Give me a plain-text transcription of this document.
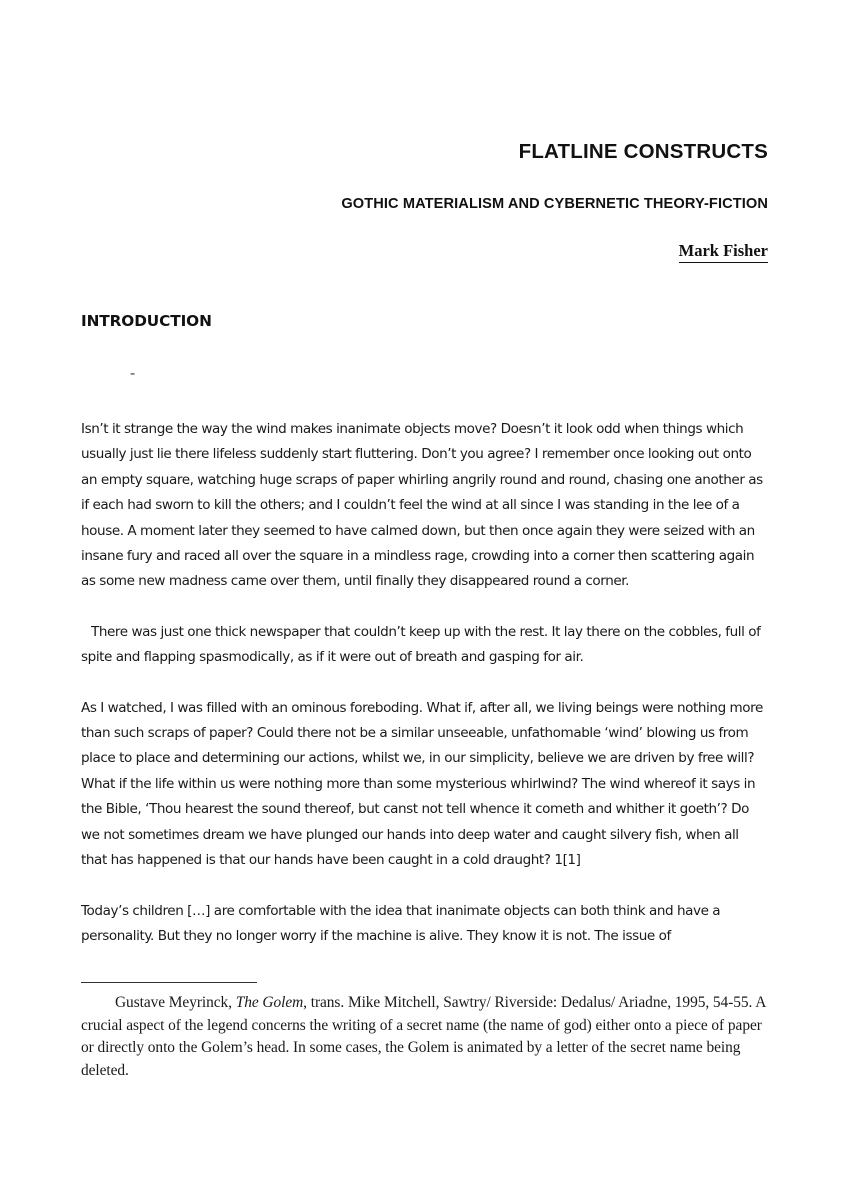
FLATLINE CONSTRUCTS
GOTHIC MATERIALISM AND CYBERNETIC THEORY-FICTION
Mark Fisher
INTRODUCTION
-

Isn’t it strange the way the wind makes inanimate objects move? Doesn’t it look odd when things which usually just lie there lifeless suddenly start fluttering. Don’t you agree? I remember once looking out onto an empty square, watching huge scraps of paper whirling angrily round and round, chasing one another as if each had sworn to kill the others; and I couldn’t feel the wind at all since I was standing in the lee of a house. A moment later they seemed to have calmed down, but then once again they were seized with an insane fury and raced all over the square in a mindless rage, crowding into a corner then scattering again as some new madness came over them, until finally they disappeared round a corner.

There was just one thick newspaper that couldn’t keep up with the rest. It lay there on the cobbles, full of spite and flapping spasmodically, as if it were out of breath and gasping for air.

As I watched, I was filled with an ominous foreboding. What if, after all, we living beings were nothing more than such scraps of paper? Could there not be a similar unseeable, unfathomable ‘wind’ blowing us from place to place and determining our actions, whilst we, in our simplicity, believe we are driven by free will? What if the life within us were nothing more than some mysterious whirlwind? The wind whereof it says in the Bible, ‘Thou hearest the sound thereof, but canst not tell whence it cometh and whither it goeth’? Do we not sometimes dream we have plunged our hands into deep water and caught silvery fish, when all that has happened is that our hands have been caught in a cold draught? 1[1]

Today’s children […] are comfortable with the idea that inanimate objects can both think and have a personality. But they no longer worry if the machine is alive. They know it is not. The issue of

Gustave Meyrinck, The Golem, trans. Mike Mitchell, Sawtry/ Riverside: Dedalus/ Ariadne, 1995, 54-55. A crucial aspect of the legend concerns the writing of a secret name (the name of god) either onto a piece of paper or directly onto the Golem’s head. In some cases, the Golem is animated by a letter of the secret name being deleted.
